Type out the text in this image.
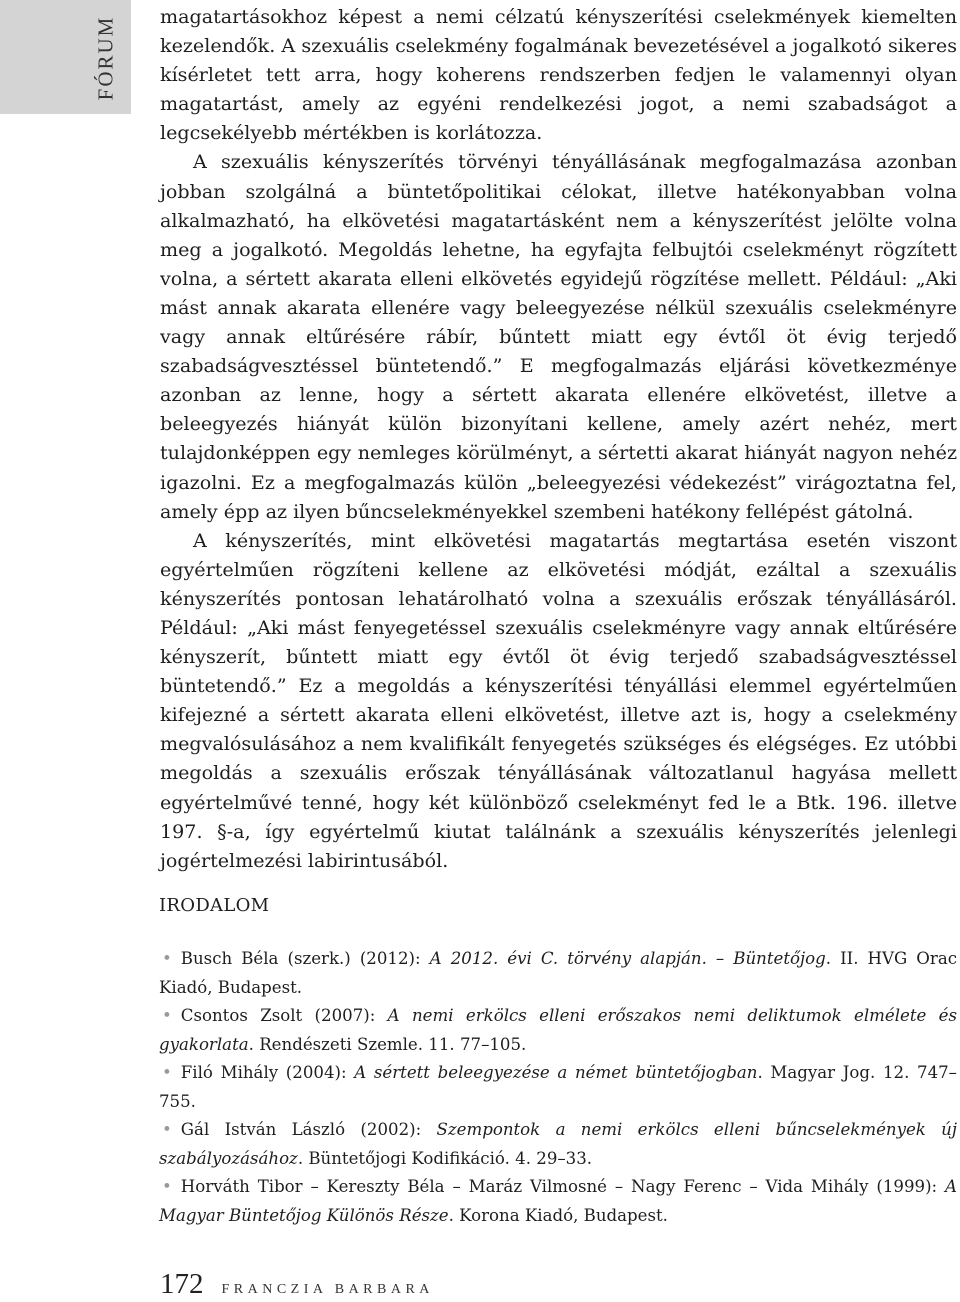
FÓRUM magatartásokhoz képest a nemi célzatú kényszerítési cselekmények kiemelten kezelendők. A szexuális cselekmény fogalmának bevezetésével a jogalkotó sikeres kísérletet tett arra, hogy koherens rendszerben fedjen le valamennyi olyan magatartást, amely az egyéni rendelkezési jogot, a nemi szabadságot a legcsekélyebb mértékben is korlátozza.

A szexuális kényszerítés törvényi tényállásának megfogalmazása azonban jobban szolgálná a büntetőpolitikai célokat, illetve hatékonyabban volna alkalmazható, ha elkövetési magatartásként nem a kényszerítést jelölte volna meg a jogalkotó. Megoldás lehetne, ha egyfajta felbujtói cselekményt rögzített volna, a sértett akarata elleni elkövetés egyidejű rögzítése mellett. Például: „Aki mást annak akarata ellenére vagy beleegyezése nélkül szexuális cselekményre vagy annak eltűrésére rábír, bűntett miatt egy évtől öt évig terjedő szabadságvesztéssel büntetendő.” E megfogalmazás eljárási következménye azonban az lenne, hogy a sértett akarata ellenére elkövetést, illetve a beleegyezés hiányát külön bizonyítani kellene, amely azért nehéz, mert tulajdonképpen egy nemleges körülményt, a sértetti akarat hiányát nagyon nehéz igazolni. Ez a megfogalmazás külön „beleegyezési védekezést” virágoztatna fel, amely épp az ilyen bűncselekményekkel szembeni hatékony fellépést gátolná.

A kényszerítés, mint elkövetési magatartás megtartása esetén viszont egyértelműen rögzíteni kellene az elkövetési módját, ezáltal a szexuális kényszerítés pontosan lehatárolható volna a szexuális erőszak tényállásáról. Például: „Aki mást fenyegetéssel szexuális cselekményre vagy annak eltűrésére kényszerít, bűntett miatt egy évtől öt évig terjedő szabadságvesztéssel büntetendő.” Ez a megoldás a kényszerítési tényállási elemmel egyértelműen kifejezné a sértett akarata elleni elkövetést, illetve azt is, hogy a cselekmény megvalósulásához a nem kvalifikált fenyegetés szükséges és elégséges. Ez utóbbi megoldás a szexuális erőszak tényállásának változatlanul hagyása mellett egyértelművé tenné, hogy két különböző cselekményt fed le a Btk. 196. illetve 197. §-a, így egyértelmű kiutat találnánk a szexuális kényszerítés jelenlegi jogértelmezési labirintusából.

IRODALOM
• Busch Béla (szerk.) (2012): A 2012. évi C. törvény alapján. – Büntetőjog. II. HVG Orac Kiadó, Budapest.
• Csontos Zsolt (2007): A nemi erkölcs elleni erőszakos nemi deliktumok elmélete és gyakorlata. Rendészeti Szemle. 11. 77–105.
• Filó Mihály (2004): A sértett beleegyezése a német büntetőjogban. Magyar Jog. 12. 747–755.
• Gál István László (2002): Szempontok a nemi erkölcs elleni bűncselekmények új szabályozásához. Büntetőjogi Kodifikáció. 4. 29–33.
• Horváth Tibor – Kereszty Béla – Maráz Vilmosné – Nagy Ferenc – Vida Mihály (1999): A Magyar Büntetőjog Különös Része. Korona Kiadó, Budapest.
172 FRANCZIA BARBARA
